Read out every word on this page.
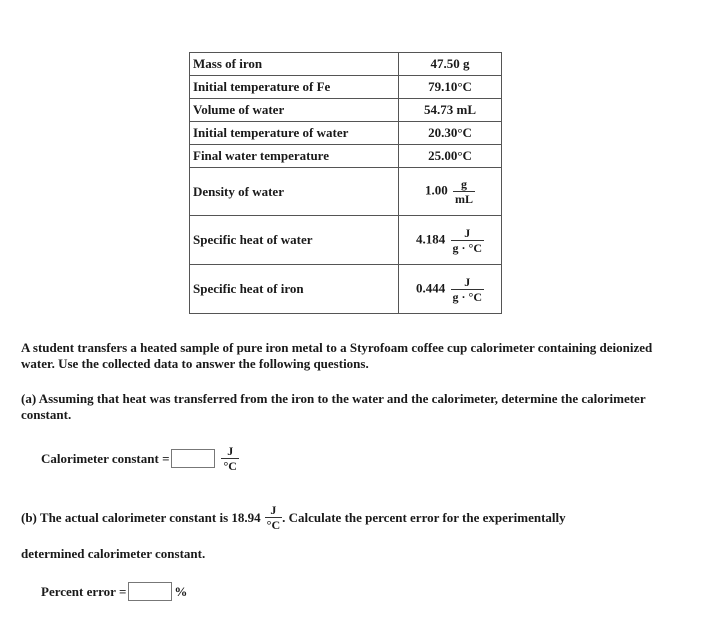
Mass of iron	47.50 g
Initial temperature of Fe	79.10°C
Volume of water	54.73 mL
Initial temperature of water	20.30°C
Final water temperature	25.00°C
Density of water	$1.00 \frac{g}{mL}$

Specific heat of water	$4.184 \frac{J}{g \cdot ^\circ C}$

Specific heat of iron	$0.444 \frac{J}{g \cdot ^\circ C}$

A student transfers a heated sample of pure iron metal to a Styrofoam coffee cup calorimeter containing deionized water. Use the collected data to answer the following questions.

(a) Assuming that heat was transferred from the iron to the water and the calorimeter, determine the calorimeter constant.

Calorimeter constant =	$\frac{J}{^\circ C}$
(b) The actual calorimeter constant is $18.94 \frac{J}{^\circ C}$ . Calculate the percent error for the experimentally

determined calorimeter constant.

Percent error =	%
